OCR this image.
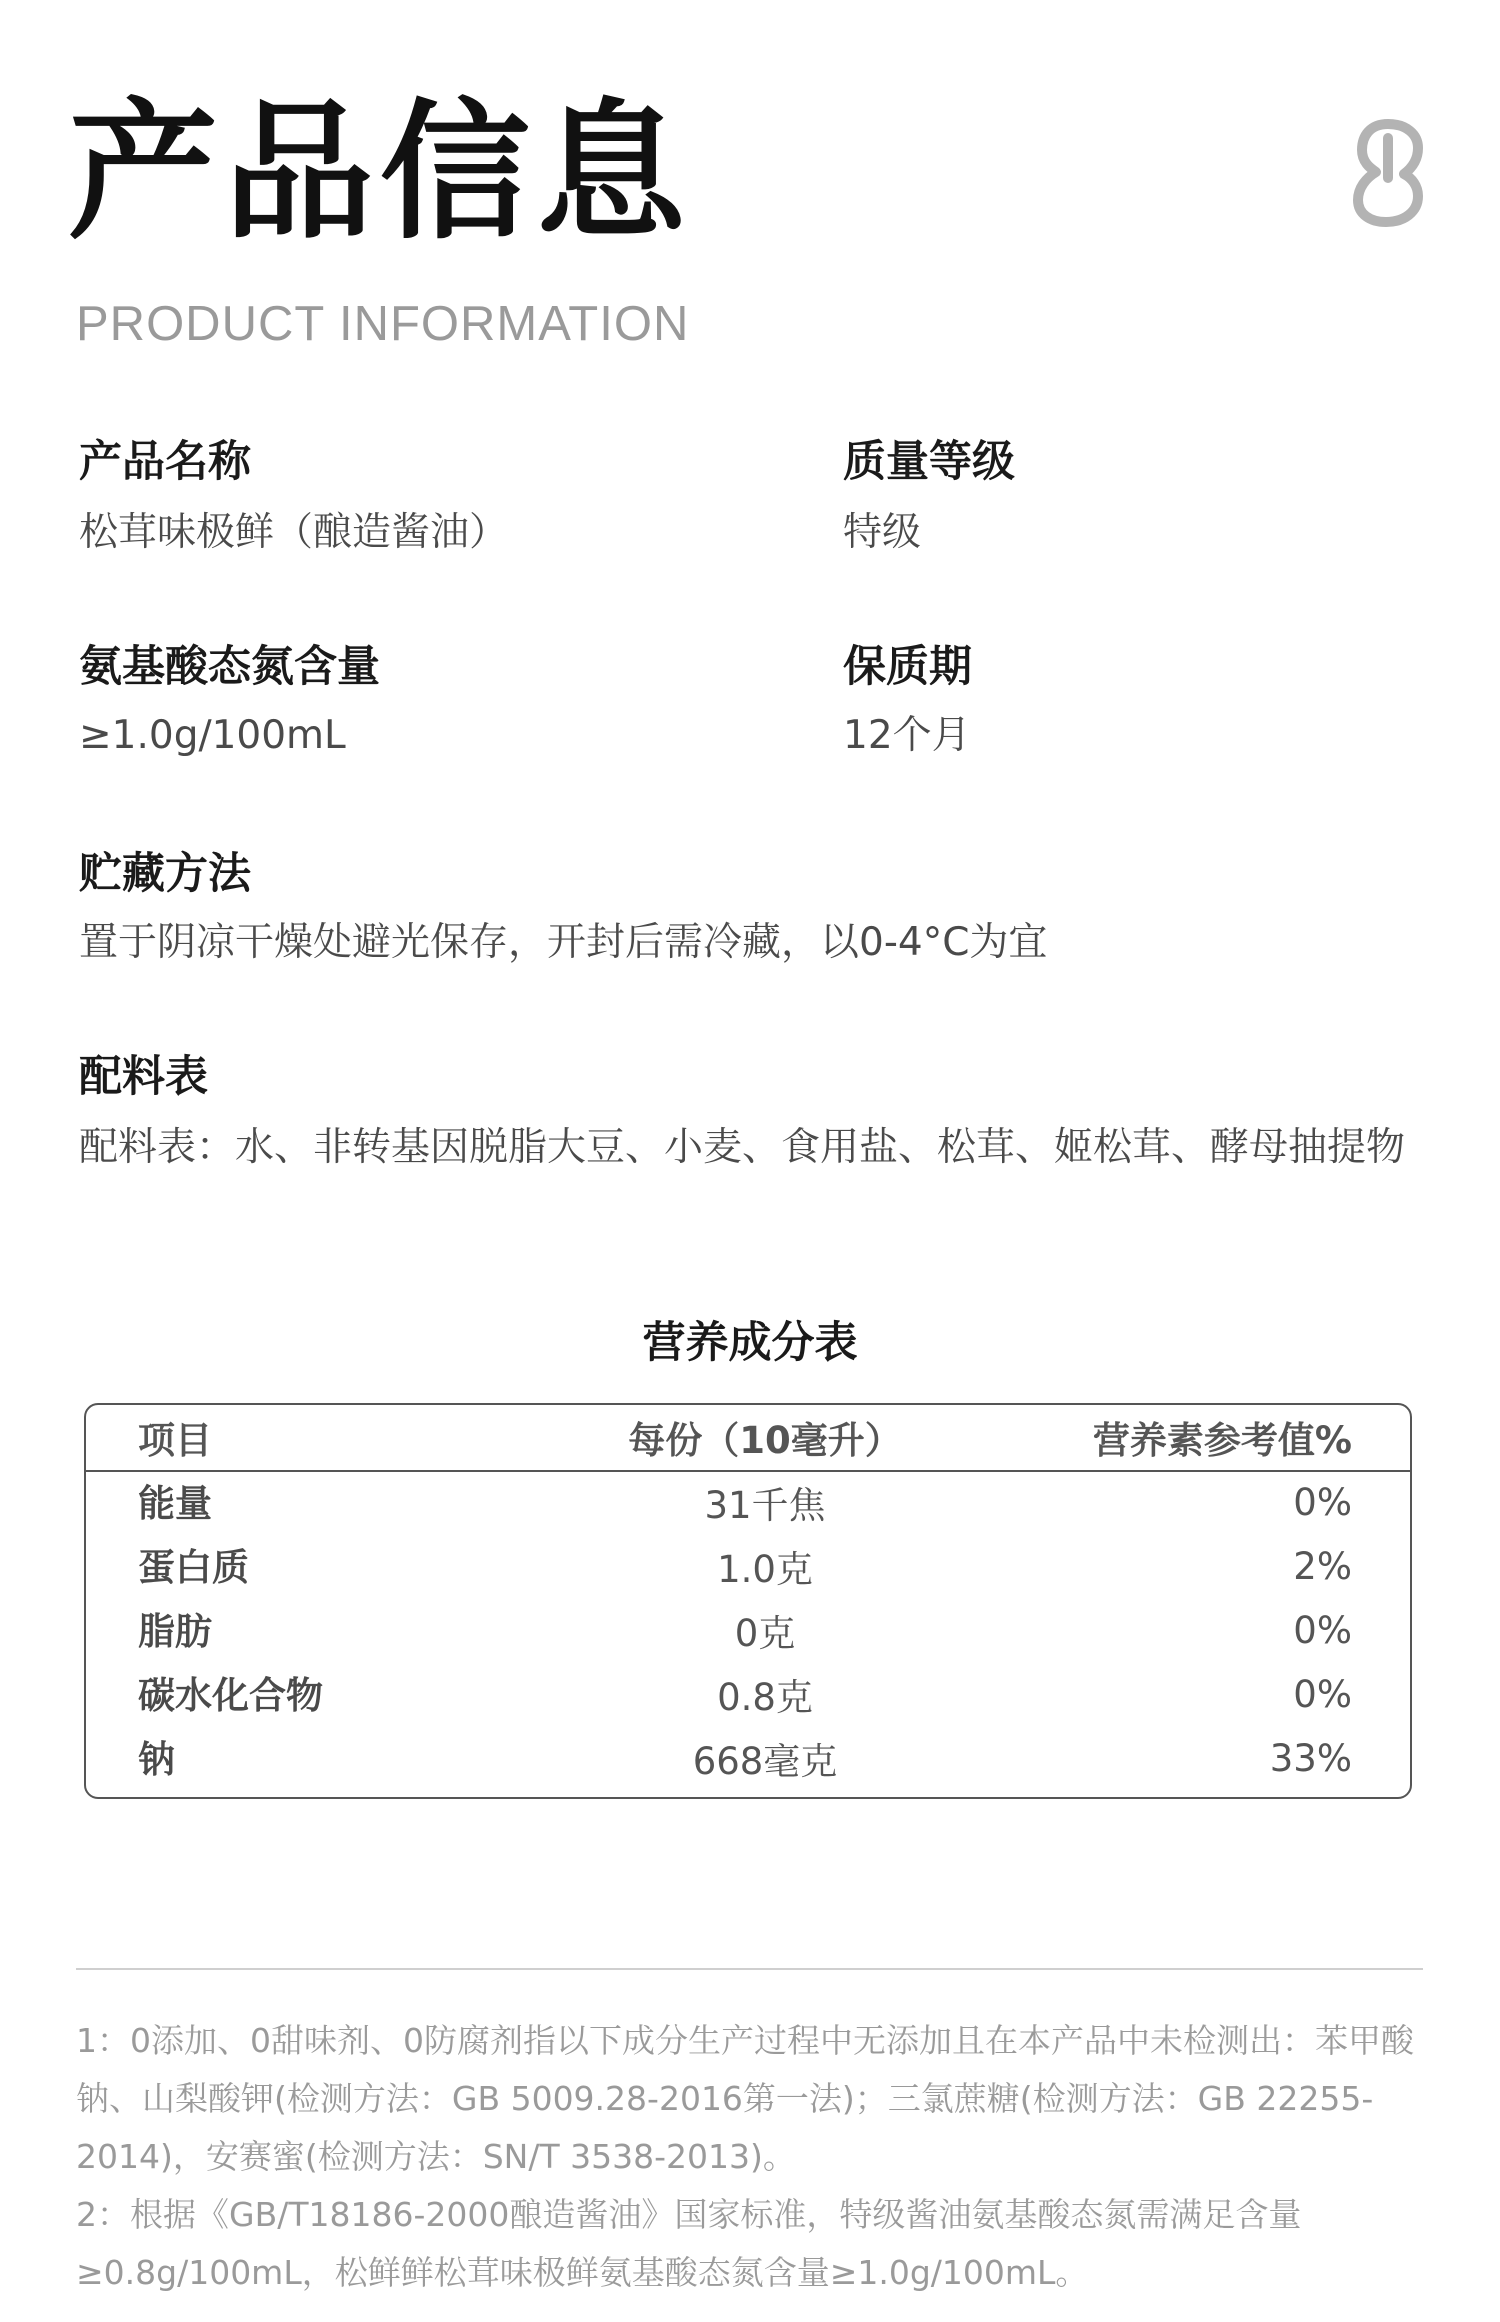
产品信息
PRODUCT INFORMATION
产品名称
松茸味极鲜（酿造酱油）
质量等级
特级
氨基酸态氮含量
≥1.0g/100mL
保质期
12个月
贮藏方法
置于阴凉干燥处避光保存，开封后需冷藏，以0-4°C为宜
配料表
配料表：水、非转基因脱脂大豆、小麦、食用盐、松茸、姬松茸、酵母抽提物
营养成分表
项目	每份（10毫升）	营养素参考值%
能量	31千焦	0%
蛋白质	1.0克	2%
脂肪	0克	0%
碳水化合物	0.8克	0%
钠	668毫克	33%
1：0添加、0甜味剂、0防腐剂指以下成分生产过程中无添加且在本产品中未检测出：苯甲酸钠、山梨酸钾(检测方法：GB 5009.28-2016第一法)；三氯蔗糖(检测方法：GB 22255-2014)，安赛蜜(检测方法：SN/T 3538-2013)。
2：根据《GB/T18186-2000酿造酱油》国家标准，特级酱油氨基酸态氮需满足含量≥0.8g/100mL，松鲜鲜松茸味极鲜氨基酸态氮含量≥1.0g/100mL。
